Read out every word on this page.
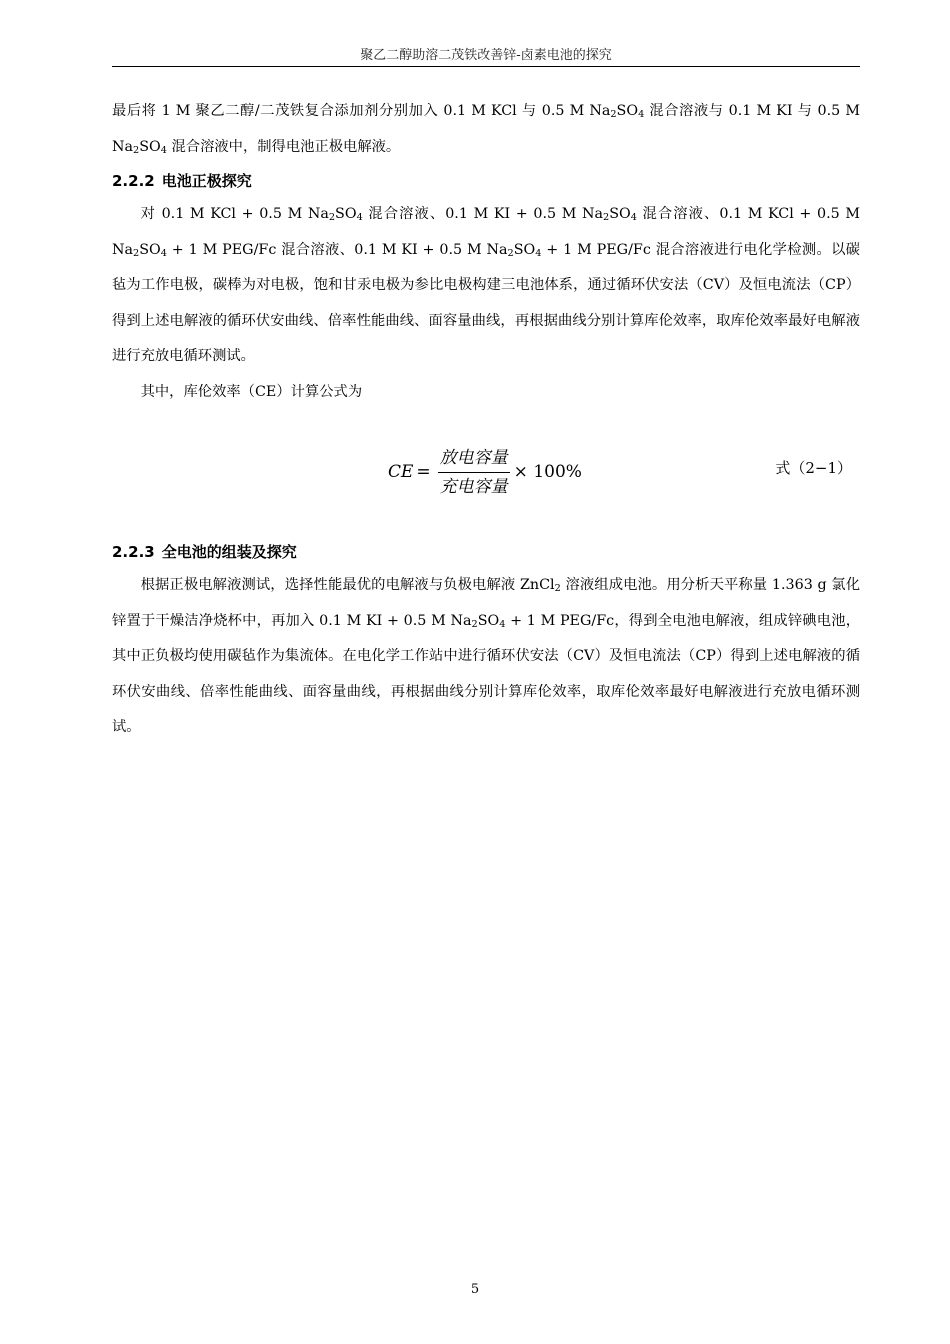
聚乙二醇助溶二茂铁改善锌-卤素电池的探究

最后将 1 M 聚乙二醇/二茂铁复合添加剂分别加入 0.1 M KCl 与 0.5 M $Na_2SO_4$ 混合溶液与 0.1 M KI 与 0.5 M $Na_2SO_4$ 混合溶液中，制得电池正极电解液。

2.2.2 电池正极探究

对 0.1 M KCl + 0.5 M $Na_2SO_4$ 混合溶液、0.1 M KI + 0.5 M $Na_2SO_4$ 混合溶液、0.1 M KCl + 0.5 M $Na_2SO_4 + 1$ M PEG/Fc 混合溶液、0.1 M KI + 0.5 M $Na_2SO_4 + 1$ M PEG/Fc 混合溶液进行电化学检测。以碳毡为工作电极，碳棒为对电极，饱和甘汞电极为参比电极构建三电池体系，通过循环伏安法（CV）及恒电流法（CP）得到上述电解液的循环伏安曲线、倍率性能曲线、面容量曲线，再根据曲线分别计算库伦效率，取库伦效率最好电解液进行充放电循环测试。

其中，库伦效率（CE）计算公式为

CE = $\frac{\text{放电容量}}{\text{充电容量}} \times 100\%$	式（2−1）
2.2.3 全电池的组装及探究

根据正极电解液测试，选择性能最优的电解液与负极电解液 ZnCl$_2$ 溶液组成电池。用分析天平称量 1.363 g 氯化锌置于干燥洁净烧杯中，再加入 0.1 M KI + 0.5 M $Na_2SO_4 + 1$ M PEG/Fc，得到全电池电解液，组成锌碘电池，其中正负极均使用碳毡作为集流体。在电化学工作站中进行循环伏安法（CV）及恒电流法（CP）得到上述电解液的循环伏安曲线、倍率性能曲线、面容量曲线，再根据曲线分别计算库伦效率，取库伦效率最好电解液进行充放电循环测试。

5
